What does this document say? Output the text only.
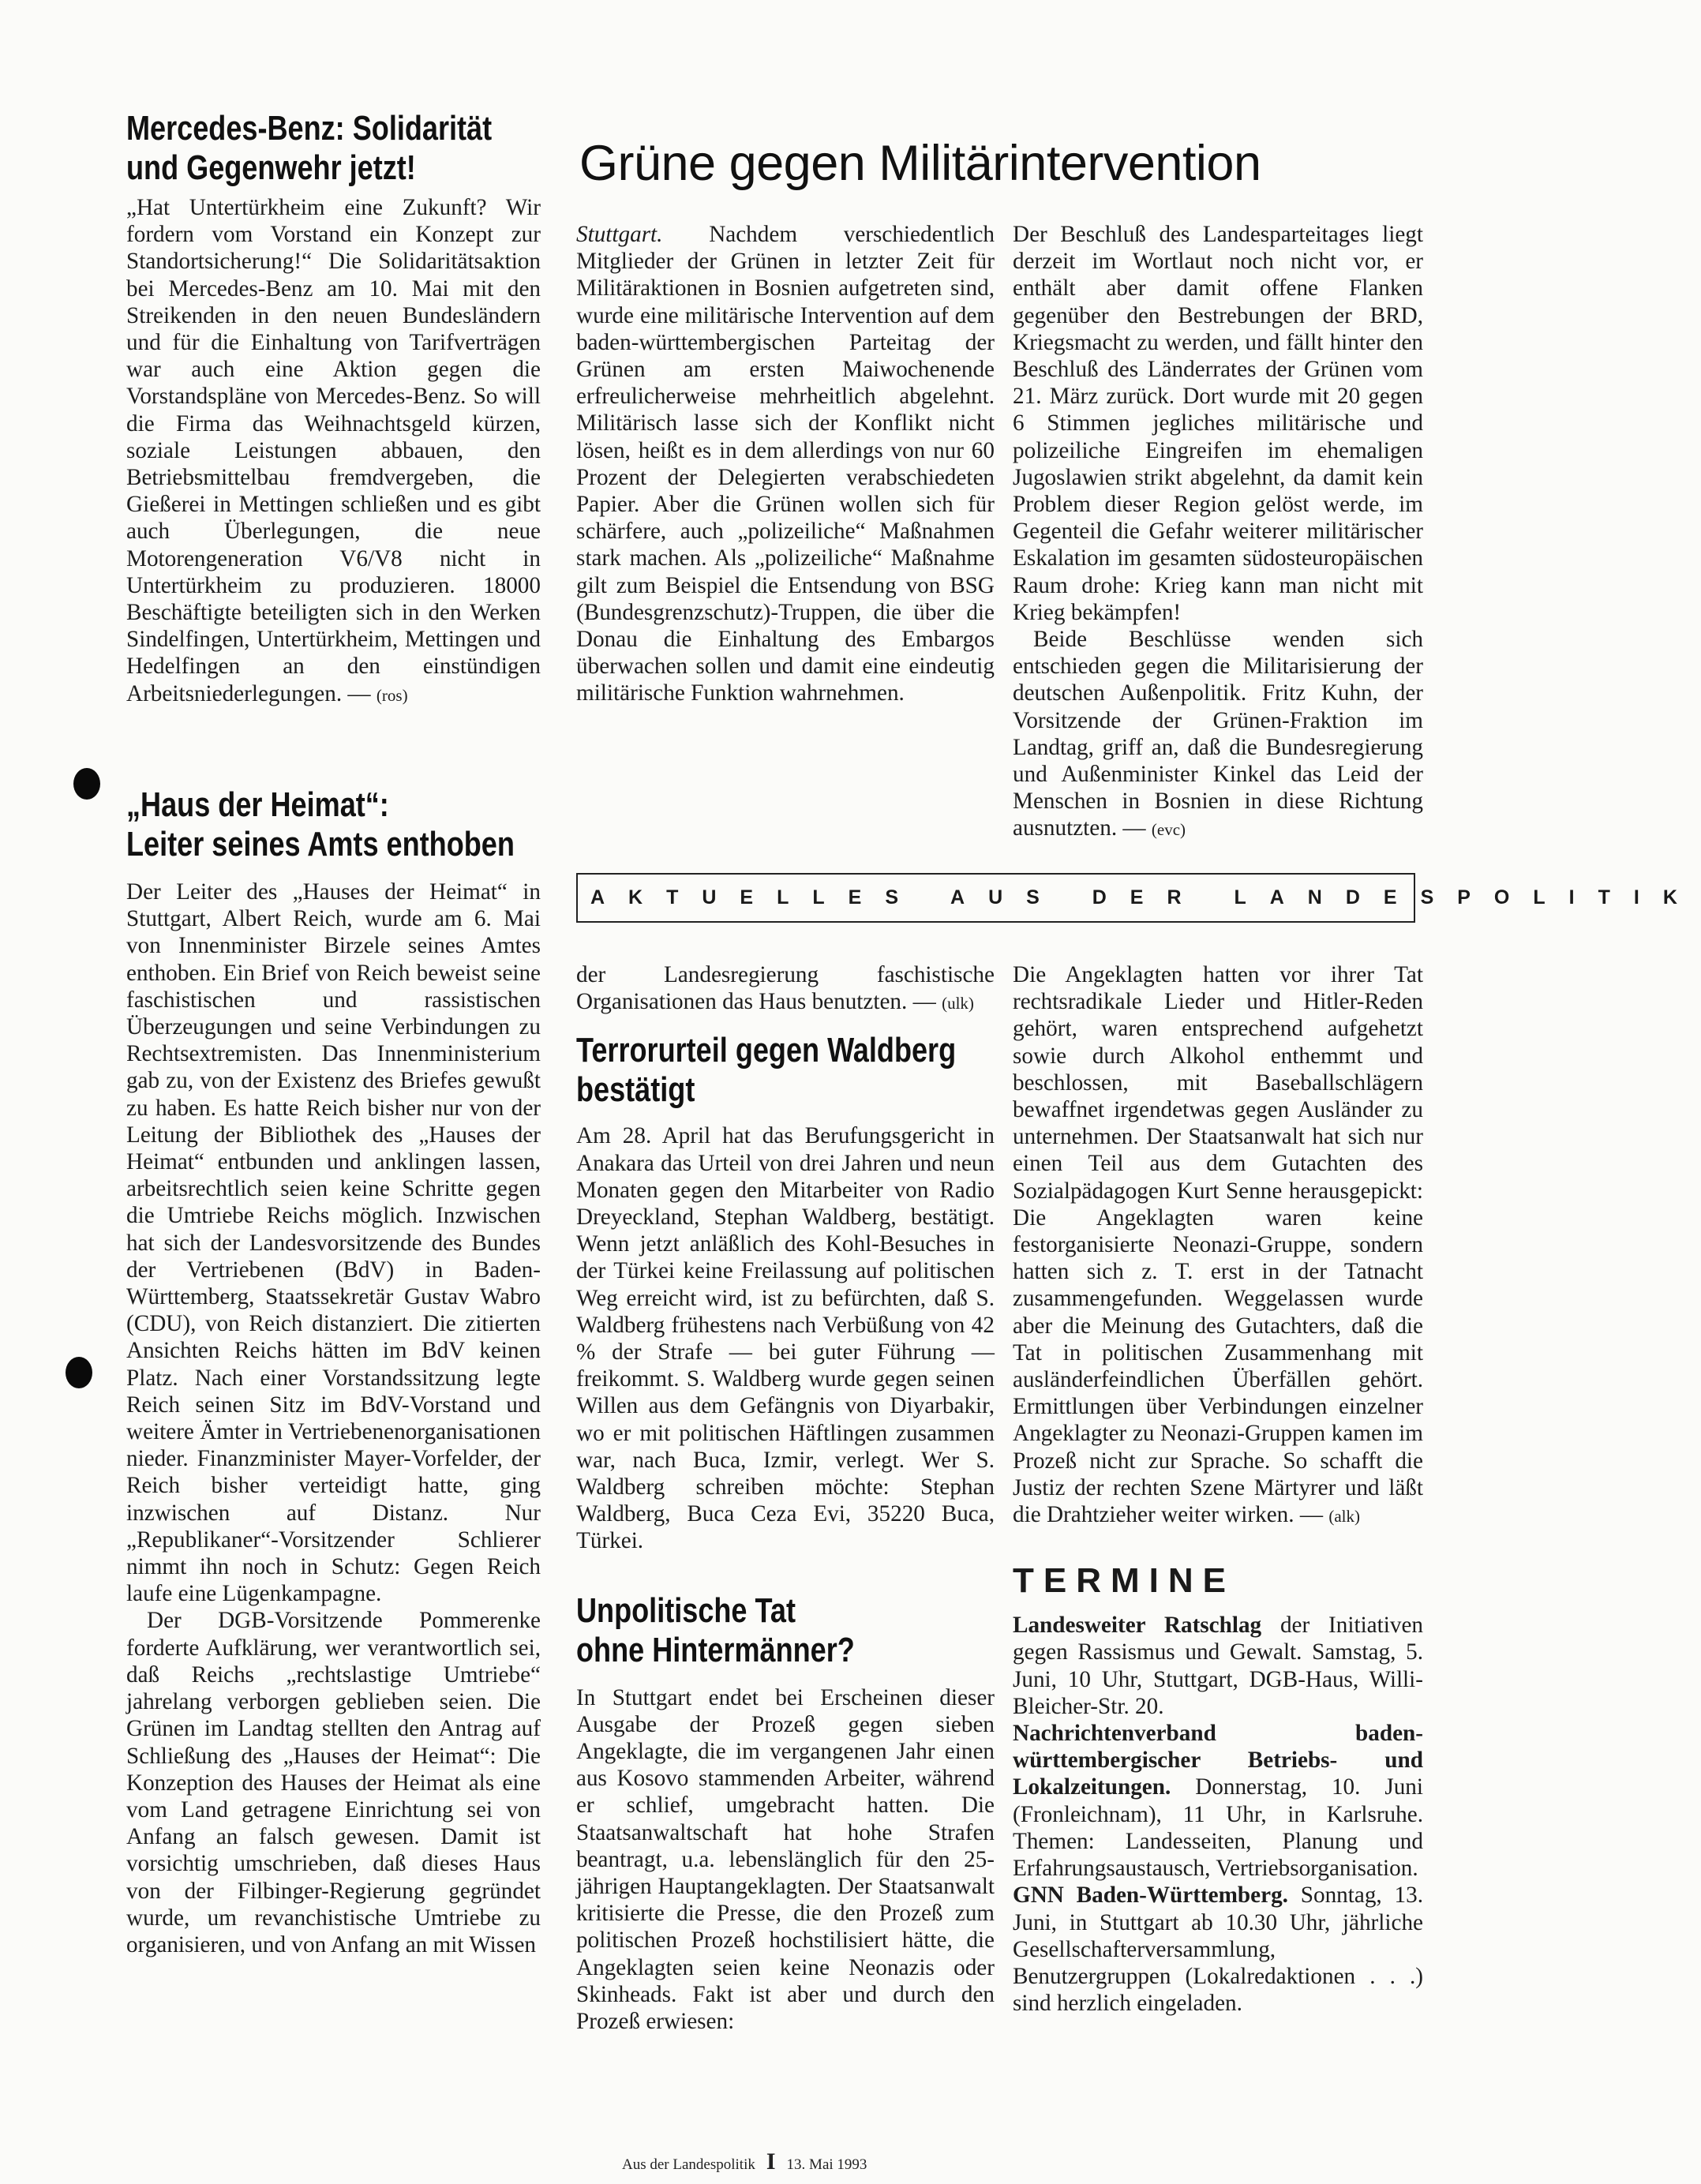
Mercedes-Benz: Solidarität
und Gegenwehr jetzt!

„Hat Untertürkheim eine Zukunft? Wir fordern vom Vorstand ein Konzept zur Standortsicherung!“ Die Solidaritätsaktion bei Mercedes-Benz am 10. Mai mit den Streikenden in den neuen Bundesländern und für die Einhaltung von Tarifverträgen war auch eine Aktion gegen die Vorstandspläne von Mercedes-Benz. So will die Firma das Weihnachtsgeld kürzen, soziale Leistungen abbauen, den Betriebsmittelbau fremdvergeben, die Gießerei in Mettingen schließen und es gibt auch Überlegungen, die neue Motorengeneration V6/V8 nicht in Untertürkheim zu produzieren. 18000 Beschäftigte beteiligten sich in den Werken Sindelfingen, Untertürkheim, Mettingen und Hedelfingen an den einstündigen Arbeitsniederlegungen. — (ros)

„Haus der Heimat“:
Leiter seines Amts enthoben

Der Leiter des „Hauses der Heimat“ in Stuttgart, Albert Reich, wurde am 6. Mai von Innenminister Birzele seines Amtes enthoben. Ein Brief von Reich beweist seine faschistischen und rassistischen Überzeugungen und seine Verbindungen zu Rechtsextremisten. Das Innenministerium gab zu, von der Existenz des Briefes gewußt zu haben. Es hatte Reich bisher nur von der Leitung der Bibliothek des „Hauses der Heimat“ entbunden und anklingen lassen, arbeitsrechtlich seien keine Schritte gegen die Umtriebe Reichs möglich. Inzwischen hat sich der Landesvorsitzende des Bundes der Vertriebenen (BdV) in Baden-Württemberg, Staatssekretär Gustav Wabro (CDU), von Reich distanziert. Die zitierten Ansichten Reichs hätten im BdV keinen Platz. Nach einer Vorstandssitzung legte Reich seinen Sitz im BdV-Vorstand und weitere Ämter in Vertriebenenorganisationen nieder. Finanzminister Mayer-Vorfelder, der Reich bisher verteidigt hatte, ging inzwischen auf Distanz. Nur „Republikaner“-Vorsitzender Schlierer nimmt ihn noch in Schutz: Gegen Reich laufe eine Lügenkampagne.

Der DGB-Vorsitzende Pommerenke forderte Aufklärung, wer verantwortlich sei, daß Reichs „rechtslastige Umtriebe“ jahrelang verborgen geblieben seien. Die Grünen im Landtag stellten den Antrag auf Schließung des „Hauses der Heimat“: Die Konzeption des Hauses der Heimat als eine vom Land getragene Einrichtung sei von Anfang an falsch gewesen. Damit ist vorsichtig umschrieben, daß dieses Haus von der Filbinger-Regierung gegründet wurde, um revanchistische Umtriebe zu organisieren, und von Anfang an mit Wissen

Grüne gegen Militärintervention

Stuttgart. Nachdem verschiedentlich Mitglieder der Grünen in letzter Zeit für Militäraktionen in Bosnien aufgetreten sind, wurde eine militärische Intervention auf dem baden-württembergischen Parteitag der Grünen am ersten Maiwochenende erfreulicherweise mehrheitlich abgelehnt. Militärisch lasse sich der Konflikt nicht lösen, heißt es in dem allerdings von nur 60 Prozent der Delegierten verabschiedeten Papier. Aber die Grünen wollen sich für schärfere, auch „polizeiliche“ Maßnahmen stark machen. Als „polizeiliche“ Maßnahme gilt zum Beispiel die Entsendung von BSG (Bundesgrenzschutz)-Truppen, die über die Donau die Einhaltung des Embargos überwachen sollen und damit eine eindeutig militärische Funktion wahrnehmen.

Der Beschluß des Landesparteitages liegt derzeit im Wortlaut noch nicht vor, er enthält aber damit offene Flanken gegenüber den Bestrebungen der BRD, Kriegsmacht zu werden, und fällt hinter den Beschluß des Länderrates der Grünen vom 21. März zurück. Dort wurde mit 20 gegen 6 Stimmen jegliches militärische und polizeiliche Eingreifen im ehemaligen Jugoslawien strikt abgelehnt, da damit kein Problem dieser Region gelöst werde, im Gegenteil die Gefahr weiterer militärischer Eskalation im gesamten südosteuropäischen Raum drohe: Krieg kann man nicht mit Krieg bekämpfen!

Beide Beschlüsse wenden sich entschieden gegen die Militarisierung der deutschen Außenpolitik. Fritz Kuhn, der Vorsitzende der Grünen-Fraktion im Landtag, griff an, daß die Bundesregierung und Außenminister Kinkel das Leid der Menschen in Bosnien in diese Richtung ausnutzten. — (evc)

AKTUELLES AUS DER LANDESPOLITIK

der Landesregierung faschistische Organisationen das Haus benutzten. — (ulk)

Terrorurteil gegen Waldberg
bestätigt

Am 28. April hat das Berufungsgericht in Anakara das Urteil von drei Jahren und neun Monaten gegen den Mitarbeiter von Radio Dreyeckland, Stephan Waldberg, bestätigt. Wenn jetzt anläßlich des Kohl-Besuches in der Türkei keine Freilassung auf politischen Weg erreicht wird, ist zu befürchten, daß S. Waldberg frühestens nach Verbüßung von 42 % der Strafe — bei guter Führung — freikommt. S. Waldberg wurde gegen seinen Willen aus dem Gefängnis von Diyarbakir, wo er mit politischen Häftlingen zusammen war, nach Buca, Izmir, verlegt. Wer S. Waldberg schreiben möchte: Stephan Waldberg, Buca Ceza Evi, 35220 Buca, Türkei.

Unpolitische Tat
ohne Hintermänner?

In Stuttgart endet bei Erscheinen dieser Ausgabe der Prozeß gegen sieben Angeklagte, die im vergangenen Jahr einen aus Kosovo stammenden Arbeiter, während er schlief, umgebracht hatten. Die Staatsanwaltschaft hat hohe Strafen beantragt, u.a. lebenslänglich für den 25-jährigen Hauptangeklagten. Der Staatsanwalt kritisierte die Presse, die den Prozeß zum politischen Prozeß hochstilisiert hätte, die Angeklagten seien keine Neonazis oder Skinheads. Fakt ist aber und durch den Prozeß erwiesen:

Die Angeklagten hatten vor ihrer Tat rechtsradikale Lieder und Hitler-Reden gehört, waren entsprechend aufgehetzt sowie durch Alkohol enthemmt und beschlossen, mit Baseballschlägern bewaffnet irgendetwas gegen Ausländer zu unternehmen. Der Staatsanwalt hat sich nur einen Teil aus dem Gutachten des Sozialpädagogen Kurt Senne herausgepickt: Die Angeklagten waren keine festorganisierte Neonazi-Gruppe, sondern hatten sich z. T. erst in der Tatnacht zusammengefunden. Weggelassen wurde aber die Meinung des Gutachters, daß die Tat in politischen Zusammenhang mit ausländerfeindlichen Überfällen gehört. Ermittlungen über Verbindungen einzelner Angeklagter zu Neonazi-Gruppen kamen im Prozeß nicht zur Sprache. So schafft die Justiz der rechten Szene Märtyrer und läßt die Drahtzieher weiter wirken. — (alk)

TERMINE

Landesweiter Ratschlag der Initiativen gegen Rassismus und Gewalt. Samstag, 5. Juni, 10 Uhr, Stuttgart, DGB-Haus, Willi-Bleicher-Str. 20.

Nachrichtenverband baden-württembergischer Betriebs- und Lokalzeitungen. Donnerstag, 10. Juni (Fronleichnam), 11 Uhr, in Karlsruhe. Themen: Landesseiten, Planung und Erfahrungsaustausch, Vertriebsorganisation.

GNN Baden-Württemberg. Sonntag, 13. Juni, in Stuttgart ab 10.30 Uhr, jährliche Gesellschafterversammlung, Benutzergruppen (Lokalredaktionen . . .) sind herzlich eingeladen.

Aus der Landespolitik I 13. Mai 1993
